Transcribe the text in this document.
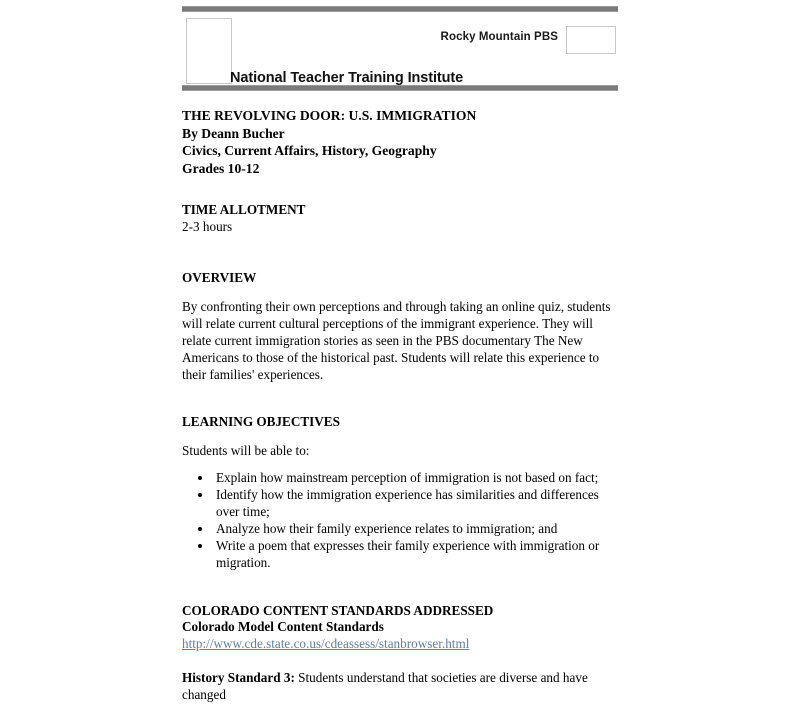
Rocky Mountain PBS
National Teacher Training Institute
THE REVOLVING DOOR: U.S. IMMIGRATION
By Deann Bucher
Civics, Current Affairs, History, Geography
Grades 10-12
TIME ALLOTMENT
2-3 hours
OVERVIEW

By confronting their own perceptions and through taking an online quiz, students will relate current cultural perceptions of the immigrant experience. They will relate current immigration stories as seen in the PBS documentary The New Americans to those of the historical past. Students will relate this experience to their families' experiences.

LEARNING OBJECTIVES
Students will be able to:
• Explain how mainstream perception of immigration is not based on fact;
• Identify how the immigration experience has similarities and differences over time;
• Analyze how their family experience relates to immigration; and
• Write a poem that expresses their family experience with immigration or migration.
COLORADO CONTENT STANDARDS ADDRESSED
Colorado Model Content Standards
http://www.cde.state.co.us/cdeassess/stanbrowser.html
History Standard 3: Students understand that societies are diverse and have changed
